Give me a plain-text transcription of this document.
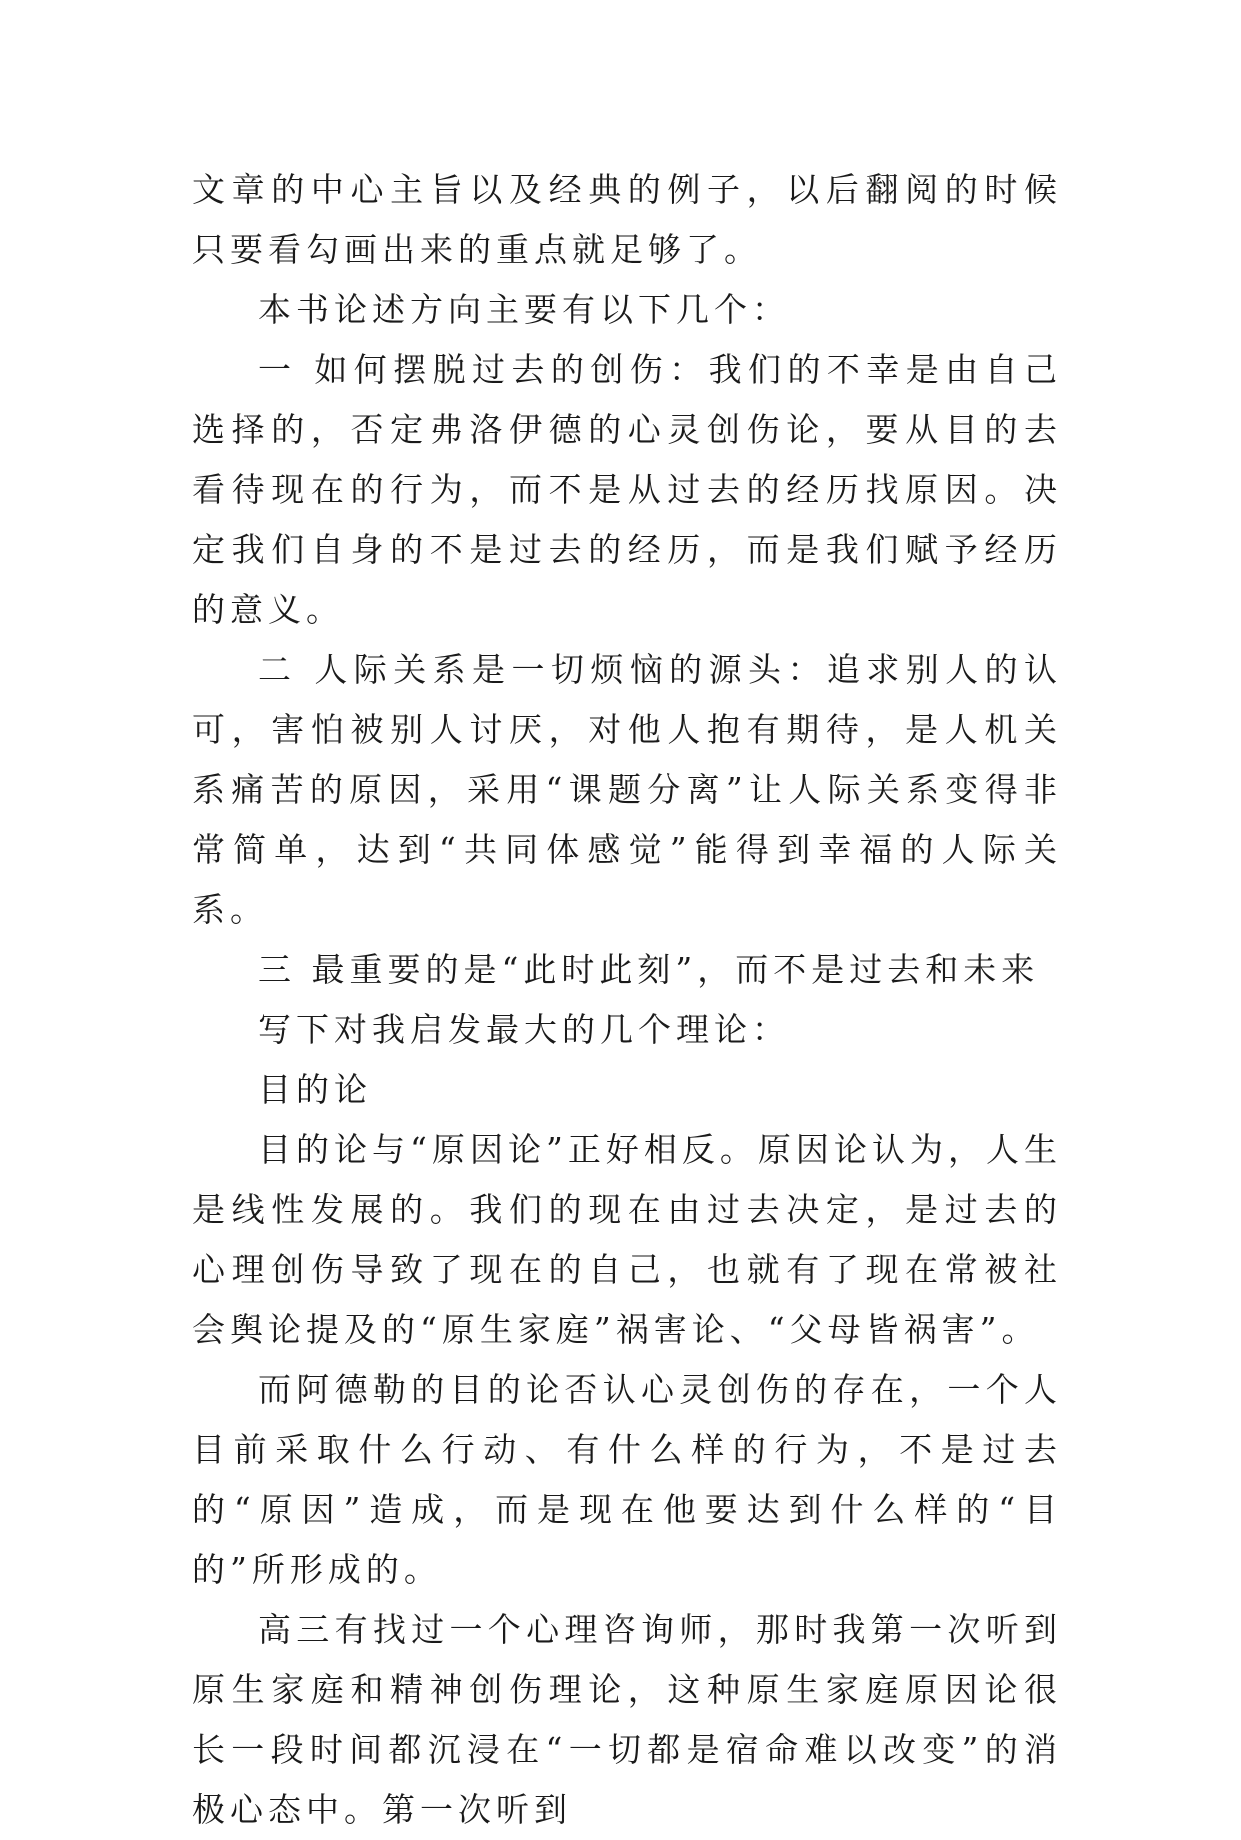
文章的中心主旨以及经典的例子，以后翻阅的时候只要看勾画出来的重点就足够了。

本书论述方向主要有以下几个：

一 如何摆脱过去的创伤：我们的不幸是由自己选择的，否定弗洛伊德的心灵创伤论，要从目的去看待现在的行为，而不是从过去的经历找原因。决定我们自身的不是过去的经历，而是我们赋予经历的意义。

二 人际关系是一切烦恼的源头：追求别人的认可，害怕被别人讨厌，对他人抱有期待，是人机关系痛苦的原因，采用“课题分离”让人际关系变得非常简单，达到“共同体感觉”能得到幸福的人际关系。

三 最重要的是“此时此刻”，而不是过去和未来

写下对我启发最大的几个理论：

目的论

目的论与“原因论”正好相反。原因论认为，人生是线性发展的。我们的现在由过去决定，是过去的心理创伤导致了现在的自己，也就有了现在常被社会舆论提及的“原生家庭”祸害论、“父母皆祸害”。

而阿德勒的目的论否认心灵创伤的存在，一个人目前采取什么行动、有什么样的行为，不是过去的“原因”造成，而是现在他要达到什么样的“目的”所形成的。

高三有找过一个心理咨询师，那时我第一次听到原生家庭和精神创伤理论，这种原生家庭原因论很长一段时间都沉浸在“一切都是宿命难以改变”的消极心态中。第一次听到
